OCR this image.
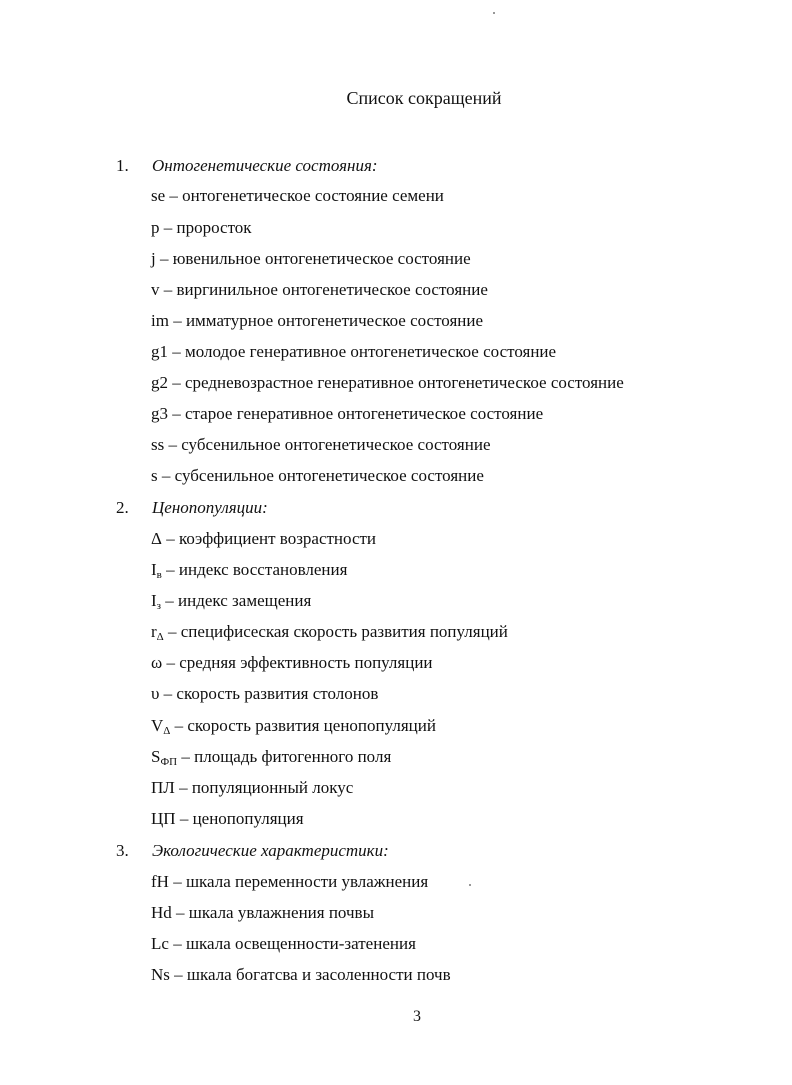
Список сокращений
1. Онтогенетические состояния:
se – онтогенетическое состояние семени
p – проросток
j – ювенильное онтогенетическое состояние
v – виргинильное онтогенетическое состояние
im – имматурное онтогенетическое состояние
g1 – молодое генеративное онтогенетическое состояние
g2 – средневозрастное генеративное онтогенетическое состояние
g3 – старое генеративное онтогенетическое состояние
ss – субсенильное онтогенетическое состояние
s – субсенильное онтогенетическое состояние
2. Ценопопуляции:
Δ – коэффициент возрастности
$I_в$ – индекс восстановления
$I_з$ – индекс замещения
$r_\Delta$ – специфиceская скорость развития популяций
ω – средняя эффективность популяции
υ – скорость развития столонов
$V_\Delta$ – скорость развития ценопопуляций
$S_{ФП}$ – площадь фитогенного поля
ПЛ – популяционный локус
ЦП – ценопопуляция
3. Экологические характеристики:
fH – шкала переменности увлажнения
Hd – шкала увлажнения почвы
Lc – шкала освещенности-затенения
Ns – шкала богатсва и засоленности почв
3
